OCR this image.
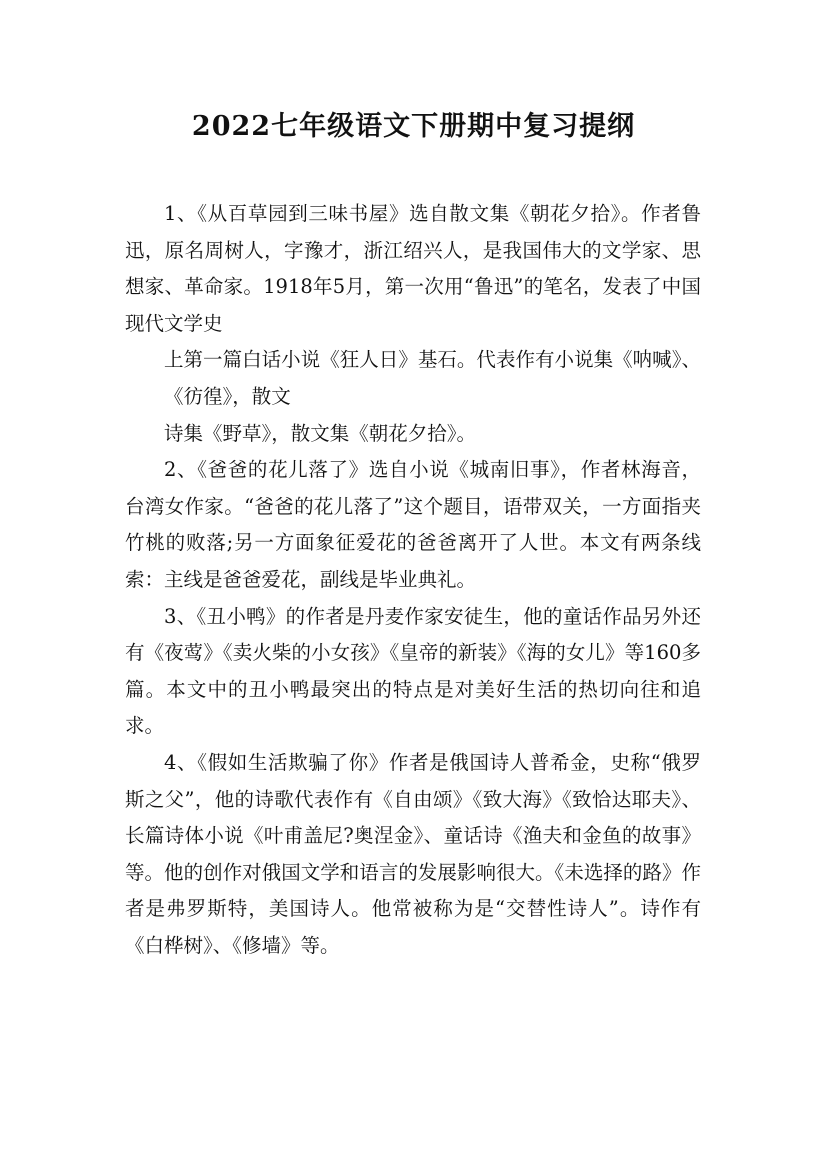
2022七年级语文下册期中复习提纲

1、《从百草园到三味书屋》选自散文集《朝花夕拾》。作者鲁迅，原名周树人，字豫才，浙江绍兴人，是我国伟大的文学家、思想家、革命家。1918年5月，第一次用“鲁迅”的笔名，发表了中国现代文学史

上第一篇白话小说《狂人日》基石。代表作有小说集《呐喊》、《彷徨》，散文

诗集《野草》，散文集《朝花夕拾》。

2、《爸爸的花儿落了》选自小说《城南旧事》，作者林海音，台湾女作家。“爸爸的花儿落了”这个题目，语带双关，一方面指夹竹桃的败落;另一方面象征爱花的爸爸离开了人世。本文有两条线索：主线是爸爸爱花，副线是毕业典礼。

3、《丑小鸭》的作者是丹麦作家安徒生，他的童话作品另外还有《夜莺》《卖火柴的小女孩》《皇帝的新装》《海的女儿》等160多篇。本文中的丑小鸭最突出的特点是对美好生活的热切向往和追求。

4、《假如生活欺骗了你》作者是俄国诗人普希金，史称“俄罗斯之父”，他的诗歌代表作有《自由颂》《致大海》《致恰达耶夫》、长篇诗体小说《叶甫盖尼?奥涅金》、童话诗《渔夫和金鱼的故事》等。他的创作对俄国文学和语言的发展影响很大。《未选择的路》作者是弗罗斯特，美国诗人。他常被称为是“交替性诗人”。诗作有《白桦树》、《修墙》等。
